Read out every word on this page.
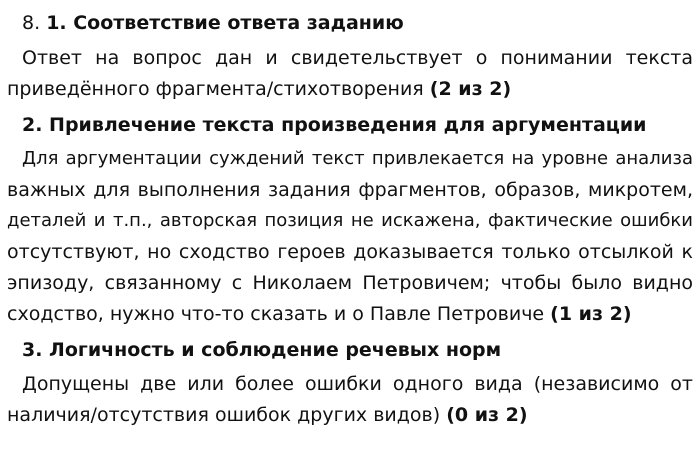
8. 1. Соответствие ответа заданию
Ответ на вопрос дан и свидетельствует о понимании текста
приведённого фрагмента/стихотворения (2 из 2)
2. Привлечение текста произведения для аргументации
Для аргументации суждений текст привлекается на уровне анализа
важных для выполнения задания фрагментов, образов, микротем,
деталей и т.п., авторская позиция не искажена, фактические ошибки
отсутствуют, но сходство героев доказывается только отсылкой к
эпизоду, связанному с Николаем Петровичем; чтобы было видно
сходство, нужно что-то сказать и о Павле Петровиче (1 из 2)
3. Логичность и соблюдение речевых норм
Допущены две или более ошибки одного вида (независимо от
наличия/отсутствия ошибок других видов) (0 из 2)
